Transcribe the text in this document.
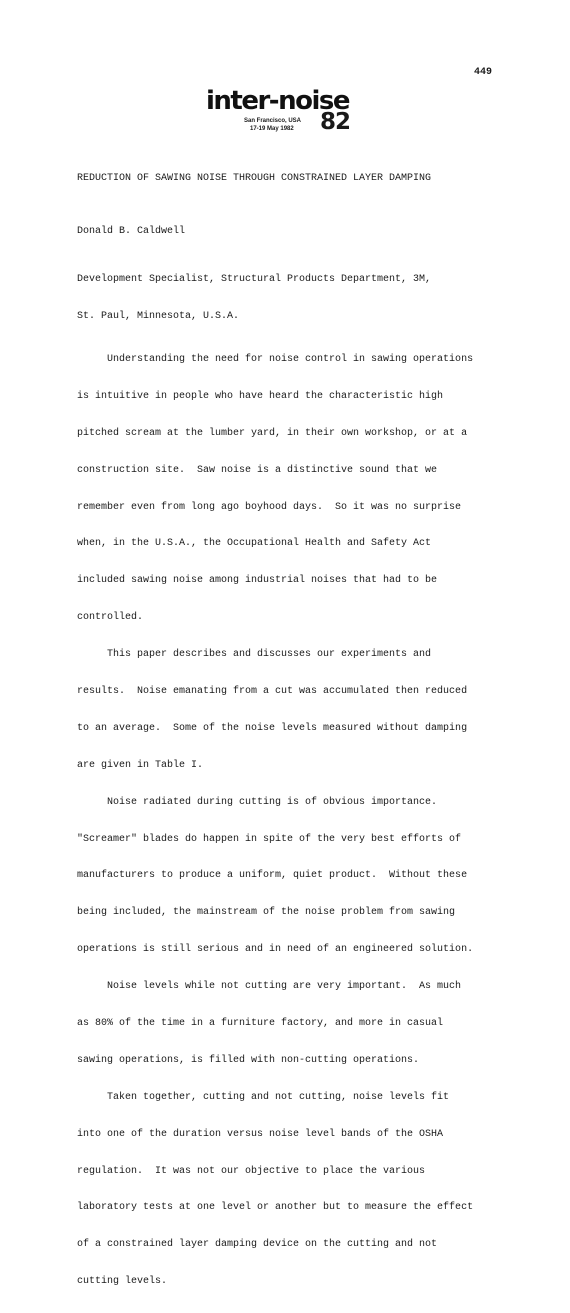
449
inter-noise
San Francisco, USA
17-19 May 1982 82
REDUCTION OF SAWING NOISE THROUGH CONSTRAINED LAYER DAMPING
Donald B. Caldwell

Development Specialist, Structural Products Department, 3M,

St. Paul, Minnesota, U.S.A.

Understanding the need for noise control in sawing operations

is intuitive in people who have heard the characteristic high

pitched scream at the lumber yard, in their own workshop, or at a

construction site.  Saw noise is a distinctive sound that we

remember even from long ago boyhood days.  So it was no surprise

when, in the U.S.A., the Occupational Health and Safety Act

included sawing noise among industrial noises that had to be

controlled.

This paper describes and discusses our experiments and

results.  Noise emanating from a cut was accumulated then reduced

to an average.  Some of the noise levels measured without damping

are given in Table I.

Noise radiated during cutting is of obvious importance.

"Screamer" blades do happen in spite of the very best efforts of

manufacturers to produce a uniform, quiet product.  Without these

being included, the mainstream of the noise problem from sawing

operations is still serious and in need of an engineered solution.

Noise levels while not cutting are very important.  As much

as 80% of the time in a furniture factory, and more in casual

sawing operations, is filled with non-cutting operations.

Taken together, cutting and not cutting, noise levels fit

into one of the duration versus noise level bands of the OSHA

regulation.  It was not our objective to place the various

laboratory tests at one level or another but to measure the effect

of a constrained layer damping device on the cutting and not

cutting levels.
